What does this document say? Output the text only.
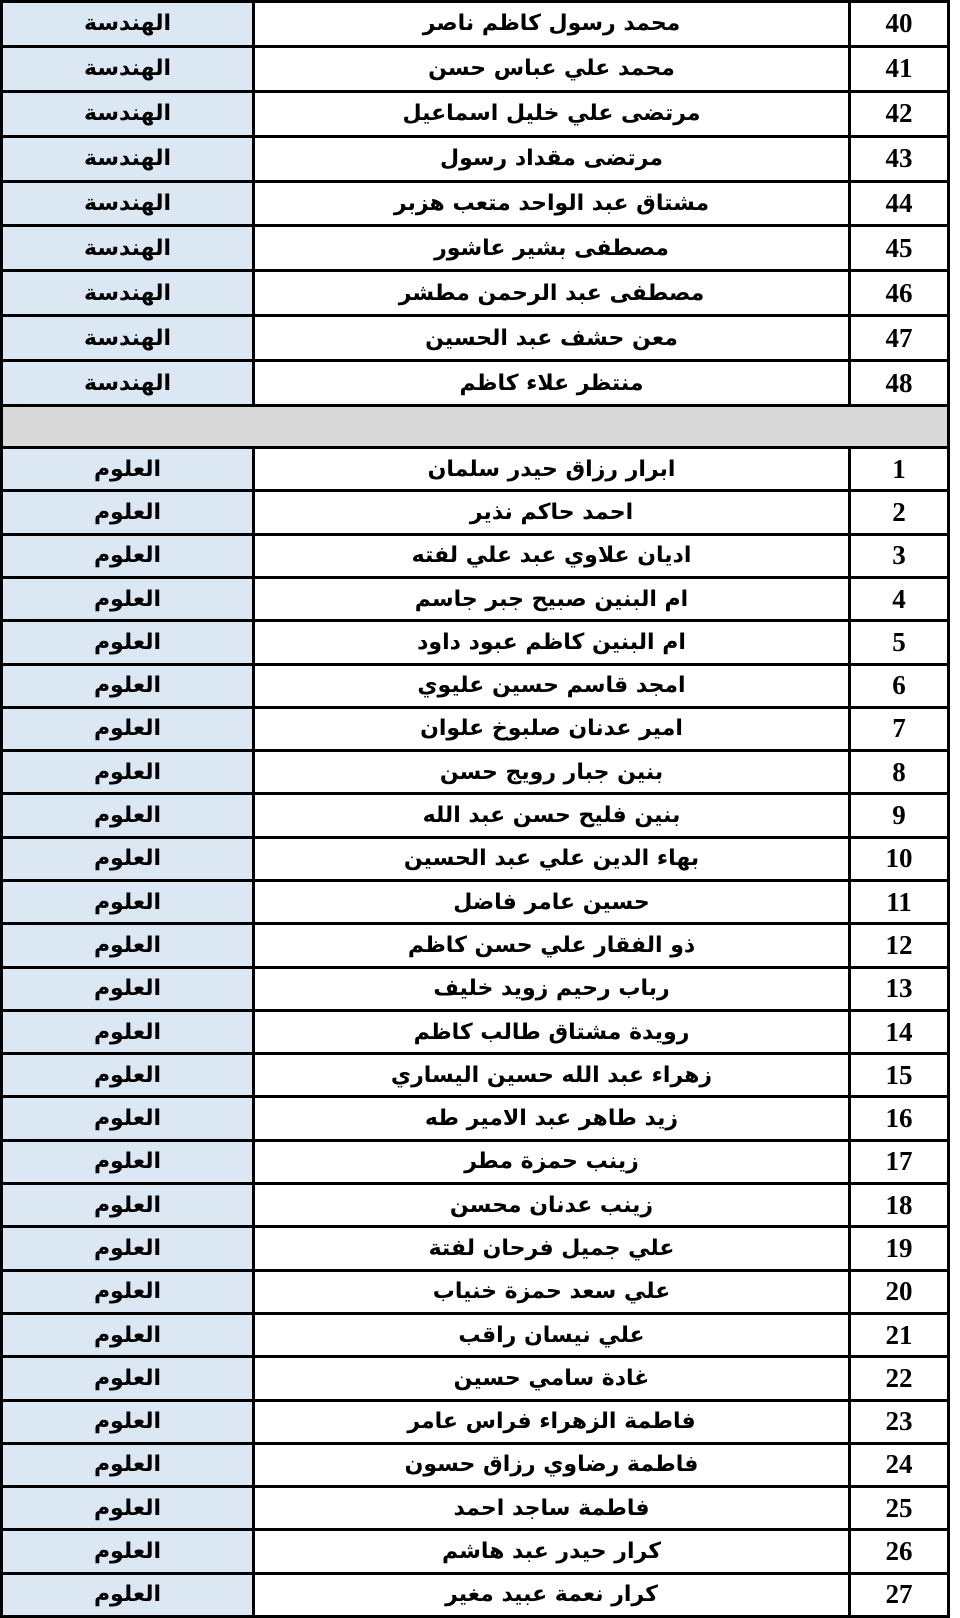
40	محمد رسول كاظم ناصر	الهندسة
41	محمد علي عباس حسن	الهندسة
42	مرتضى علي خليل اسماعيل	الهندسة
43	مرتضى مقداد رسول	الهندسة
44	مشتاق عبد الواحد متعب هزبر	الهندسة
45	مصطفى بشير عاشور	الهندسة
46	مصطفى عبد الرحمن مطشر	الهندسة
47	معن حشف عبد الحسين	الهندسة
48	منتظر علاء كاظم	الهندسة

1	ابرار رزاق حيدر سلمان	العلوم
2	احمد حاكم نذير	العلوم
3	اديان علاوي عبد علي لفته	العلوم
4	ام البنين صبيح جبر جاسم	العلوم
5	ام البنين كاظم عبود داود	العلوم
6	امجد قاسم حسين عليوي	العلوم
7	امير عدنان صلبوخ علوان	العلوم
8	بنين جبار رويج حسن	العلوم
9	بنين فليح حسن عبد الله	العلوم
10	بهاء الدين علي عبد الحسين	العلوم
11	حسين عامر فاضل	العلوم
12	ذو الفقار علي حسن كاظم	العلوم
13	رباب رحيم زويد خليف	العلوم
14	رويدة مشتاق طالب كاظم	العلوم
15	زهراء عبد الله حسين اليساري	العلوم
16	زيد طاهر عبد الامير طه	العلوم
17	زينب حمزة مطر	العلوم
18	زينب عدنان محسن	العلوم
19	علي جميل فرحان لفتة	العلوم
20	علي سعد حمزة خنياب	العلوم
21	علي نيسان راقب	العلوم
22	غادة سامي حسين	العلوم
23	فاطمة الزهراء فراس عامر	العلوم
24	فاطمة رضاوي رزاق حسون	العلوم
25	فاطمة ساجد احمد	العلوم
26	كرار حيدر عبد هاشم	العلوم
27	كرار نعمة عبيد مغير	العلوم
